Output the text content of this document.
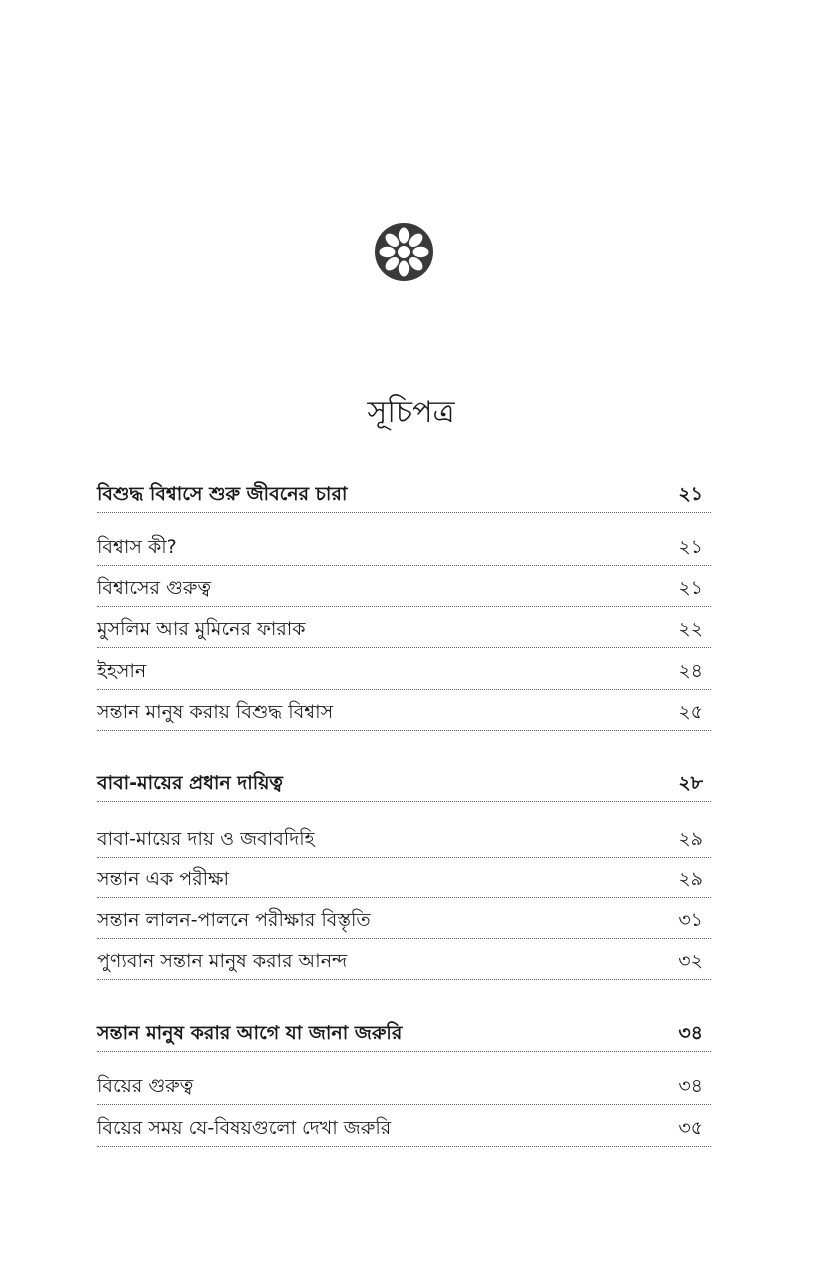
সূচিপত্র
বিশুদ্ধ বিশ্বাসে শুরু জীবনের চারা	২১
বিশ্বাস কী?	২১
বিশ্বাসের গুরুত্ব	২১
মুসলিম আর মুমিনের ফারাক	২২
ইহসান	২৪
সন্তান মানুষ করায় বিশুদ্ধ বিশ্বাস	২৫
বাবা-মায়ের প্রধান দায়িত্ব	২৮
বাবা-মায়ের দায় ও জবাবদিহি	২৯
সন্তান এক পরীক্ষা	২৯
সন্তান লালন-পালনে পরীক্ষার বিস্তৃতি	৩১
পুণ্যবান সন্তান মানুষ করার আনন্দ	৩২
সন্তান মানুষ করার আগে যা জানা জরুরি	৩৪
বিয়ের গুরুত্ব	৩৪
বিয়ের সময় যে-বিষয়গুলো দেখা জরুরি	৩৫
